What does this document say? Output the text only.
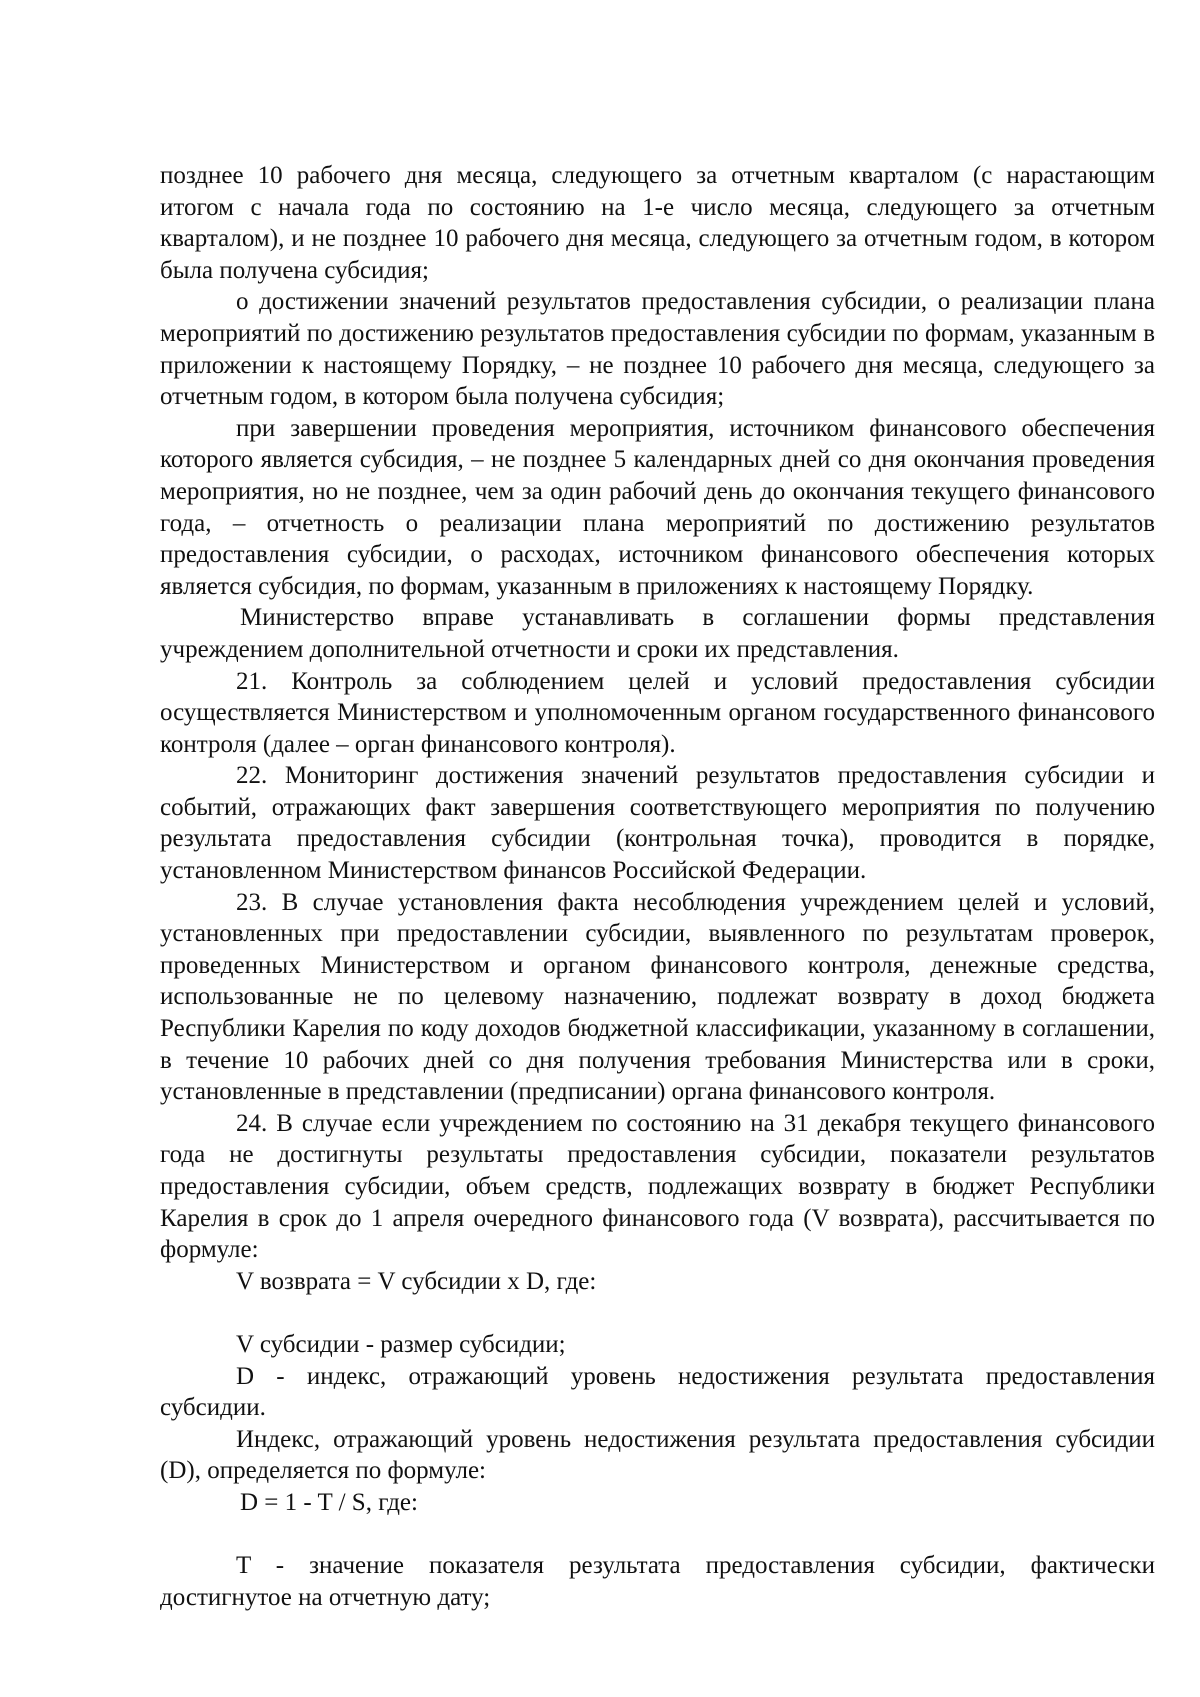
позднее 10 рабочего дня месяца, следующего за отчетным кварталом (с нарастающим итогом с начала года по состоянию на 1-е число месяца, следующего за отчетным кварталом), и не позднее 10 рабочего дня месяца, следующего за отчетным годом, в котором была получена субсидия;

о достижении значений результатов предоставления субсидии, о реализации плана мероприятий по достижению результатов предоставления субсидии по формам, указанным в приложении к настоящему Порядку, – не позднее 10 рабочего дня месяца, следующего за отчетным годом, в котором была получена субсидия;

при завершении проведения мероприятия, источником финансового обеспечения которого является субсидия, – не позднее 5 календарных дней со дня окончания проведения мероприятия, но не позднее, чем за один рабочий день до окончания текущего финансового года, – отчетность о реализации плана мероприятий по достижению результатов предоставления субсидии, о расходах, источником финансового обеспечения которых является субсидия, по формам, указанным в приложениях к настоящему Порядку.

Министерство вправе устанавливать в соглашении формы представления учреждением дополнительной отчетности и сроки их представления.

21. Контроль за соблюдением целей и условий предоставления субсидии осуществляется Министерством и уполномоченным органом государственного финансового контроля (далее – орган финансового контроля).

22. Мониторинг достижения значений результатов предоставления субсидии и событий, отражающих факт завершения соответствующего мероприятия по получению результата предоставления субсидии (контрольная точка), проводится в порядке, установленном Министерством финансов Российской Федерации.

23. В случае установления факта несоблюдения учреждением целей и условий, установленных при предоставлении субсидии, выявленного по результатам проверок, проведенных Министерством и органом финансового контроля, денежные средства, использованные не по целевому назначению, подлежат возврату в доход бюджета Республики Карелия по коду доходов бюджетной классификации, указанному в соглашении, в течение 10 рабочих дней со дня получения требования Министерства или в сроки, установленные в представлении (предписании) органа финансового контроля.

24. В случае если учреждением по состоянию на 31 декабря текущего финансового года не достигнуты результаты предоставления субсидии, показатели результатов предоставления субсидии, объем средств, подлежащих возврату в бюджет Республики Карелия в срок до 1 апреля очередного финансового года (V возврата), рассчитывается по формуле:

V возврата = V субсидии x D, где:

V субсидии - размер субсидии;

D - индекс, отражающий уровень недостижения результата предоставления субсидии.

Индекс, отражающий уровень недостижения результата предоставления субсидии (D), определяется по формуле:

D = 1 - T / S, где:

T - значение показателя результата предоставления субсидии, фактически достигнутое на отчетную дату;
